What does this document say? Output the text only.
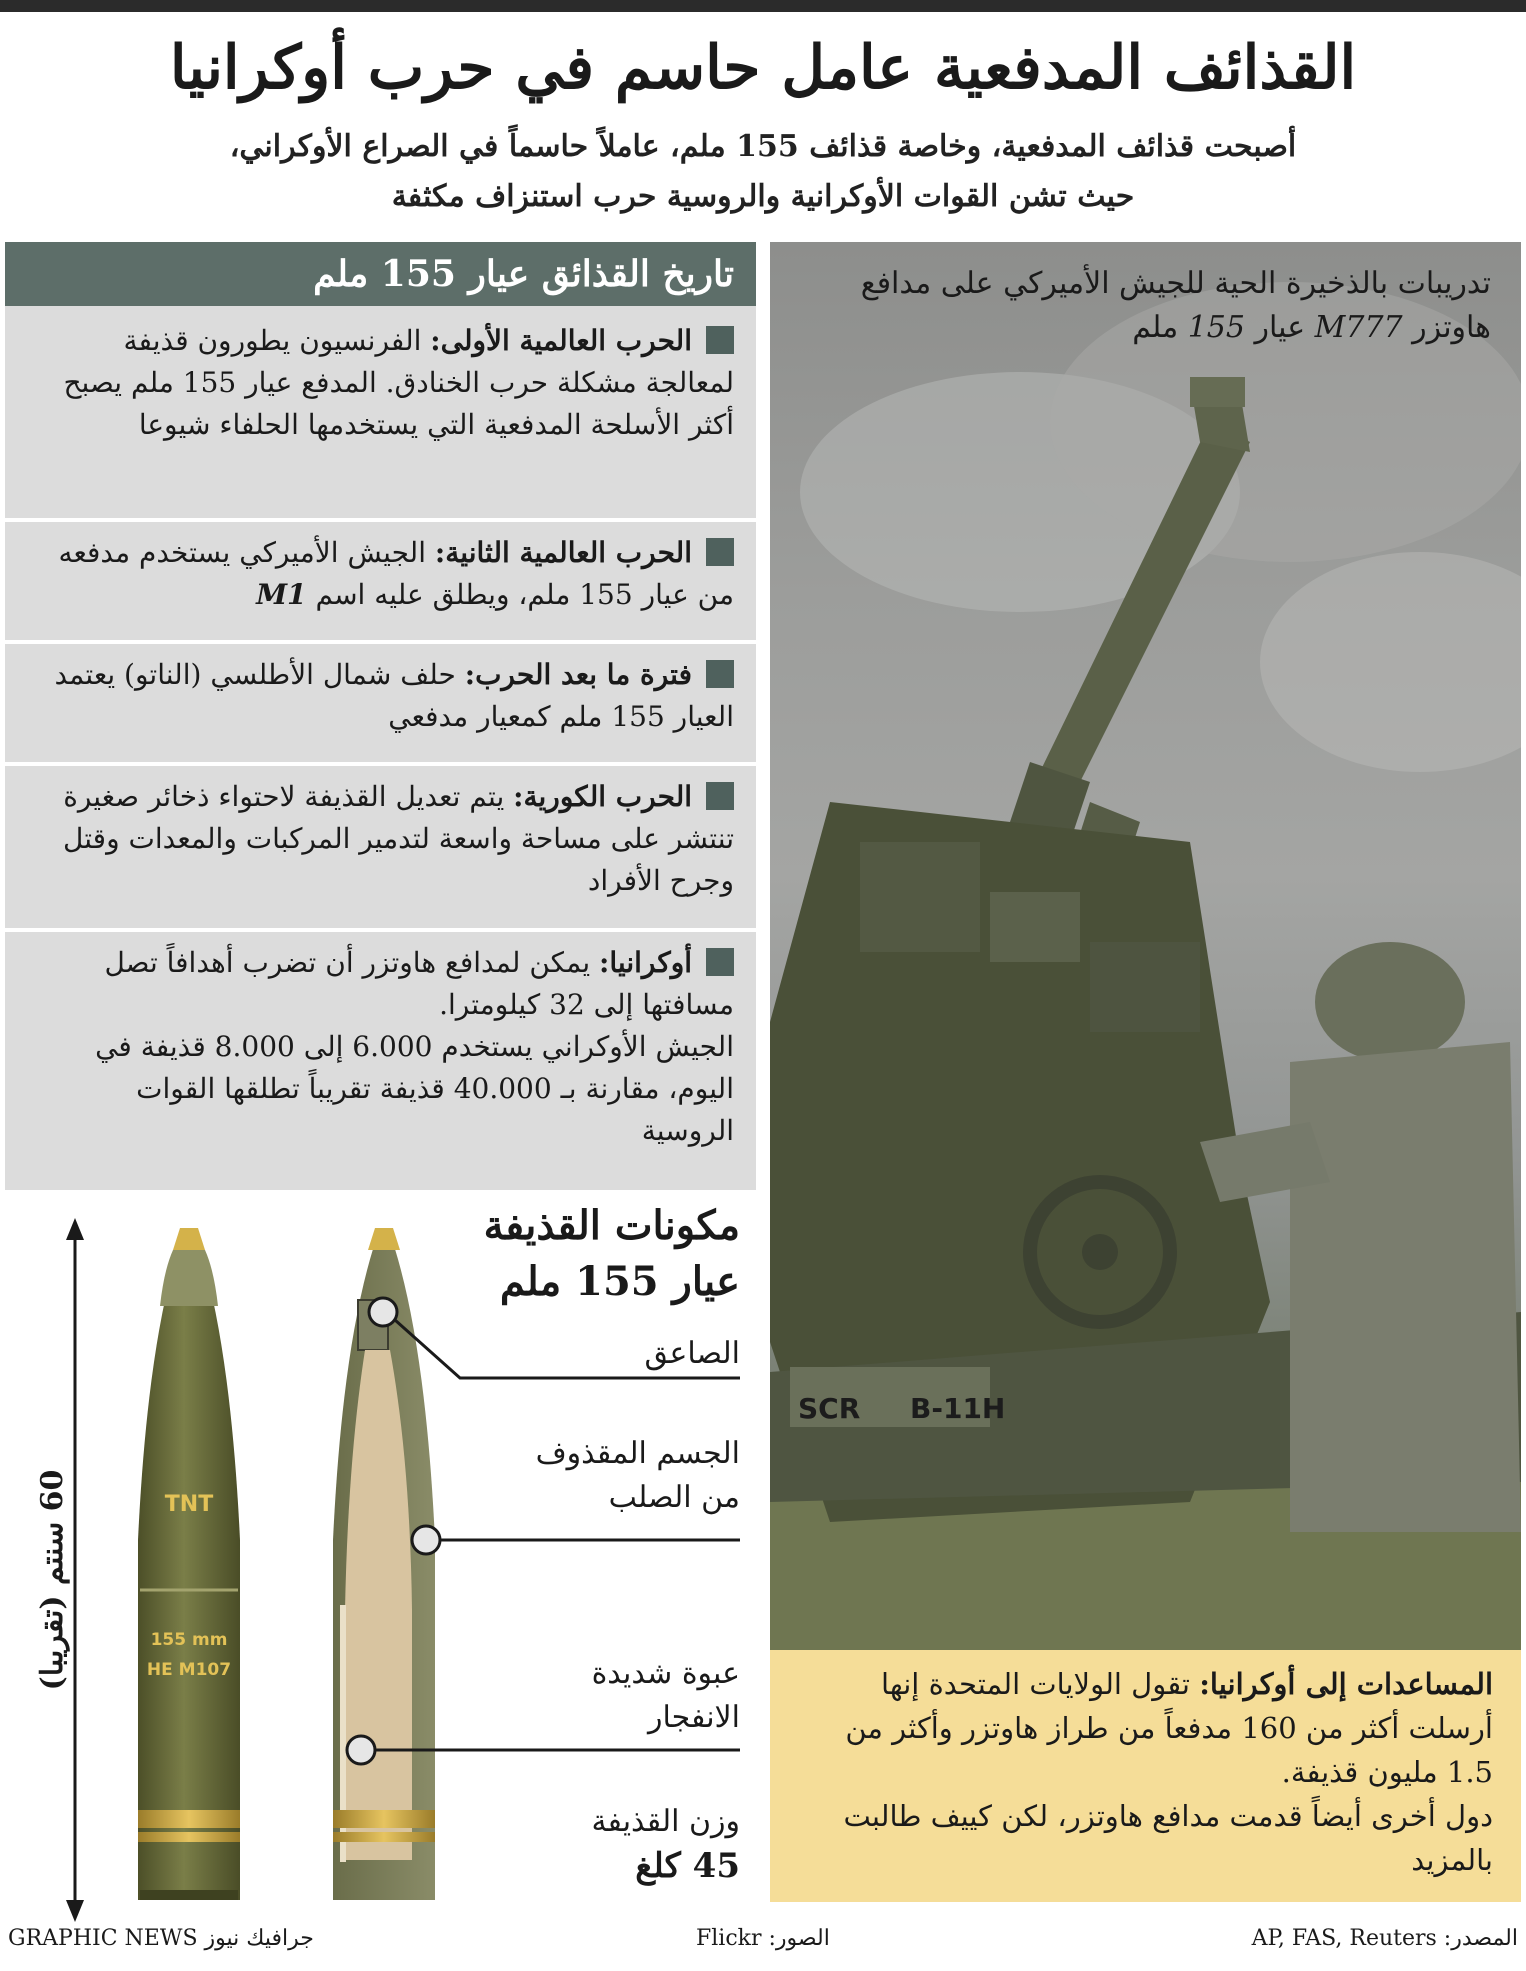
القذائف المدفعية عامل حاسم في حرب أوكرانيا
أصبحت قذائف المدفعية، وخاصة قذائف 155 ملم، عاملاً حاسماً في الصراع الأوكراني،
حيث تشن القوات الأوكرانية والروسية حرب استنزاف مكثفة
تاريخ القذائق عيار 155 ملم
الحرب العالمية الأولى: الفرنسيون يطورون قذيفة لمعالجة مشكلة حرب الخنادق. المدفع عيار 155 ملم يصبح أكثر الأسلحة المدفعية التي يستخدمها الحلفاء شيوعا
الحرب العالمية الثانية: الجيش الأميركي يستخدم مدفعه من عيار 155 ملم، ويطلق عليه اسم M1
فترة ما بعد الحرب: حلف شمال الأطلسي (الناتو) يعتمد العيار 155 ملم كمعيار مدفعي
الحرب الكورية: يتم تعديل القذيفة لاحتواء ذخائر صغيرة تنتشر على مساحة واسعة لتدمير المركبات والمعدات وقتل وجرح الأفراد
أوكرانيا: يمكن لمدافع هاوتزر أن تضرب أهدافاً تصل مسافتها إلى 32 كيلومترا.
الجيش الأوكراني يستخدم 6.000 إلى 8.000 قذيفة في اليوم، مقارنة بـ 40.000 قذيفة تقريباً تطلقها القوات الروسية
SCR B-11H
تدريبات بالذخيرة الحية للجيش الأميركي على مدافع
هاوتزر M777 عيار 155 ملم
المساعدات إلى أوكرانيا: تقول الولايات المتحدة إنها أرسلت أكثر من 160 مدفعاً من طراز هاوتزر وأكثر من 1.5 مليون قذيفة.
دول أخرى أيضاً قدمت مدافع هاوتزر، لكن كييف طالبت بالمزيد
مكونات القذيفة
عيار 155 ملم
الصاعق
الجسم المقذوف
من الصلب
عبوة شديدة
الانفجار
وزن القذيفة
45 كلغ
TNT
155 mm
HE M107
60 سنتم (تقريبا)
GRAPHIC NEWS جرافيك نيوز	الصور: Flickr	المصدر: AP, FAS, Reuters
